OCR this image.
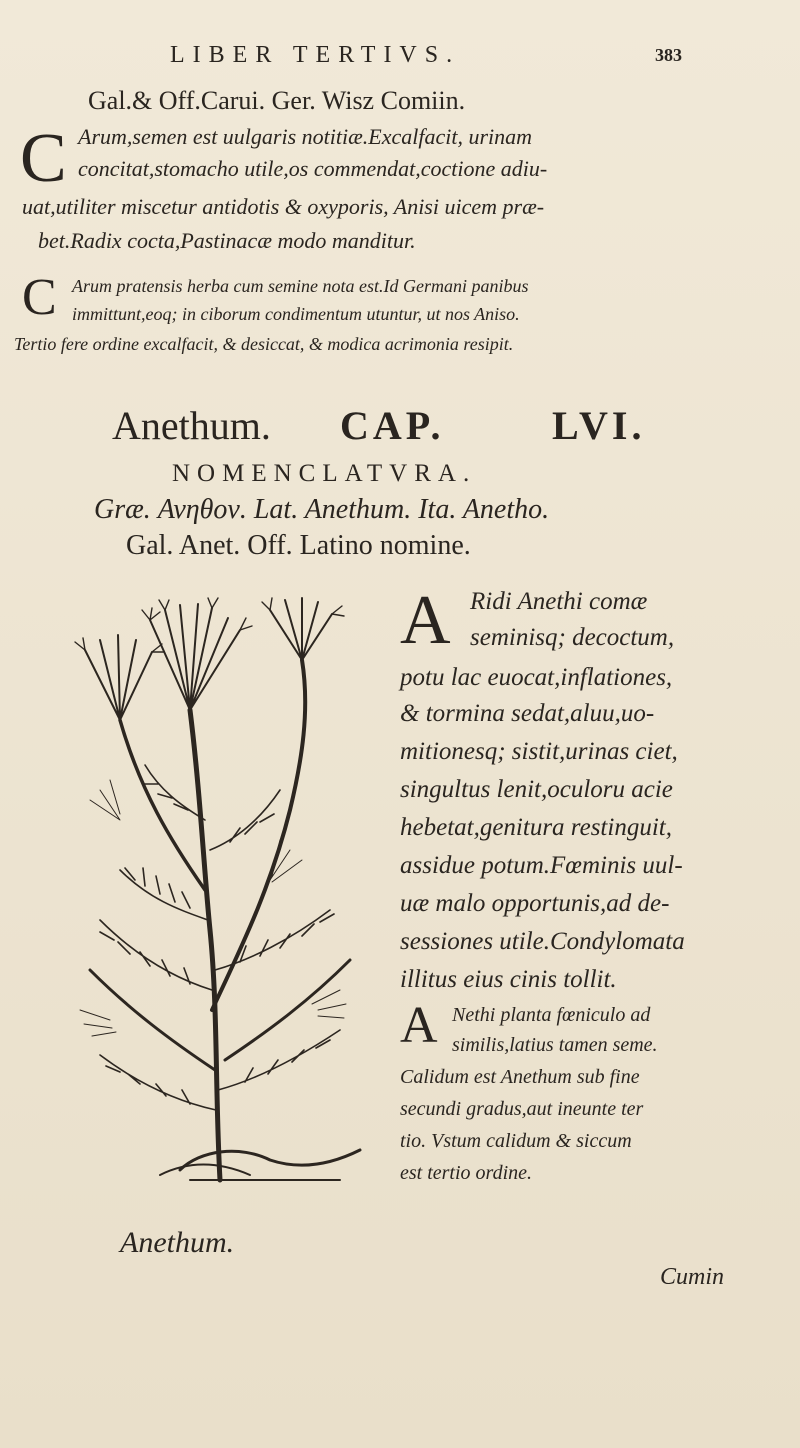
LIBER TERTIVS.	383
Gal.& Off.Carui. Ger. Wisz Comiin.
C Arum,semen est uulgaris notitiæ.Excalfacit, urinam
concitat,stomacho utile,os commendat,coctione adiu-
uat,utiliter miscetur antidotis & oxyporis, Anisi uicem præ-
bet.Radix cocta,Pastinacæ modo manditur.
C Arum pratensis herba cum semine nota est.Id Germani panibus
immittunt,eoq; in ciborum condimentum utuntur, ut nos Aniso.
Tertio fere ordine excalfacit, & desiccat, & modica acrimonia resipit.
Anethum. CAP.	LVI.
NOMENCLATVRA.
Græ. Ανηθον. Lat. Anethum. Ita. Anetho.
Gal. Anet. Off. Latino nomine.
A Ridi Anethi comæ
seminisq; decoctum,
potu lac euocat,inflationes,
& tormina sedat,aluu,uo-
mitionesq; sistit,urinas ciet,
singultus lenit,oculoru acie
hebetat,genitura restinguit,
assidue potum.Fœminis uul-
uæ malo opportunis,ad de-
sessiones utile.Condylomata
illitus eius cinis tollit.
A Nethi planta fœniculo ad
similis,latius tamen seme.
Calidum est Anethum sub fine
secundi gradus,aut ineunte ter
tio. Vstum calidum & siccum
est tertio ordine.
Anethum.
Cumin
